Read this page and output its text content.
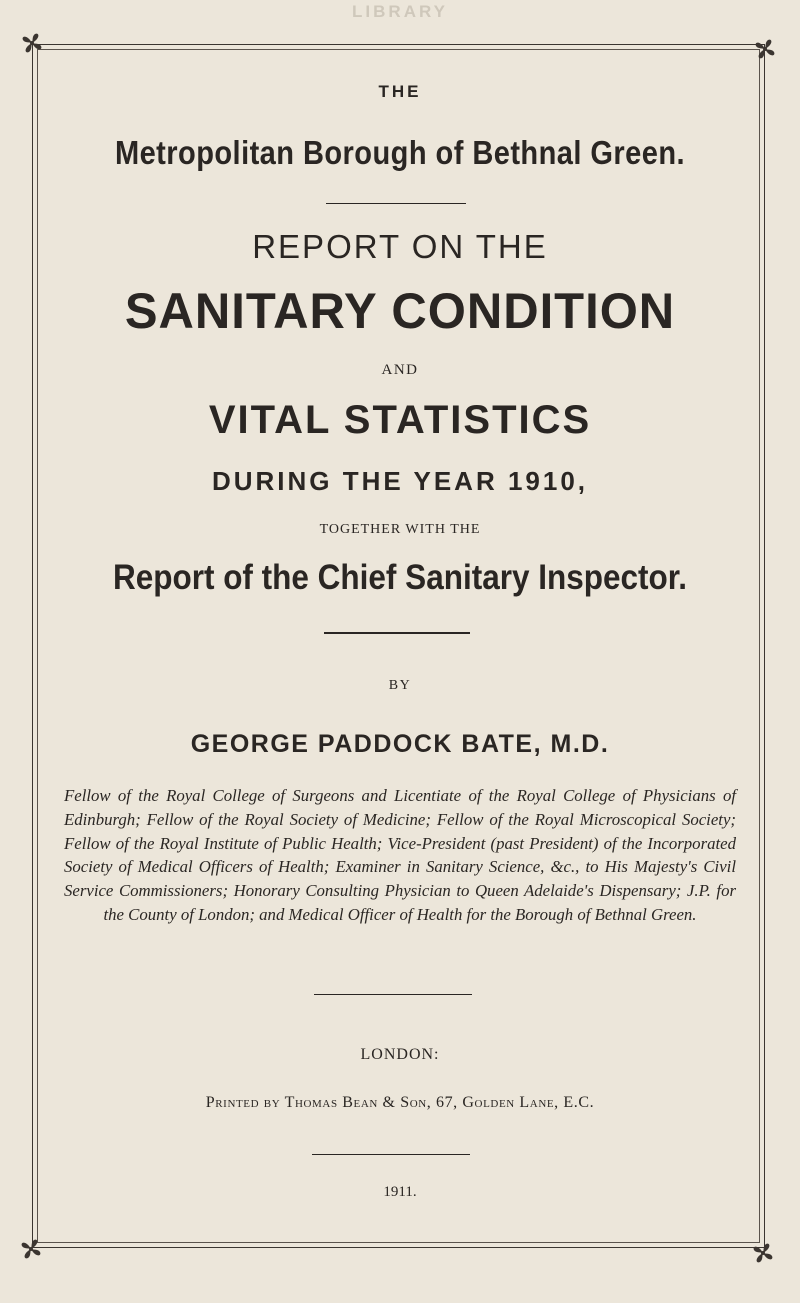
LIBRARY
THE
Metropolitan Borough of Bethnal Green.
REPORT ON THE
SANITARY CONDITION
AND
VITAL STATISTICS
DURING THE YEAR 1910,
TOGETHER WITH THE
Report of the Chief Sanitary Inspector.
BY
GEORGE PADDOCK BATE, M.D.
Fellow of the Royal College of Surgeons and Licentiate of the Royal College of Physicians of Edinburgh; Fellow of the Royal Society of Medicine; Fellow of the Royal Microscopical Society; Fellow of the Royal Institute of Public Health; Vice-President (past President) of the Incorporated Society of Medical Officers of Health; Examiner in Sanitary Science, &c., to His Majesty's Civil Service Commissioners; Honorary Consulting Physician to Queen Adelaide's Dispensary; J.P. for the County of London; and Medical Officer of Health for the Borough of Bethnal Green.
LONDON:
Printed by Thomas Bean & Son, 67, Golden Lane, E.C.
1911.
